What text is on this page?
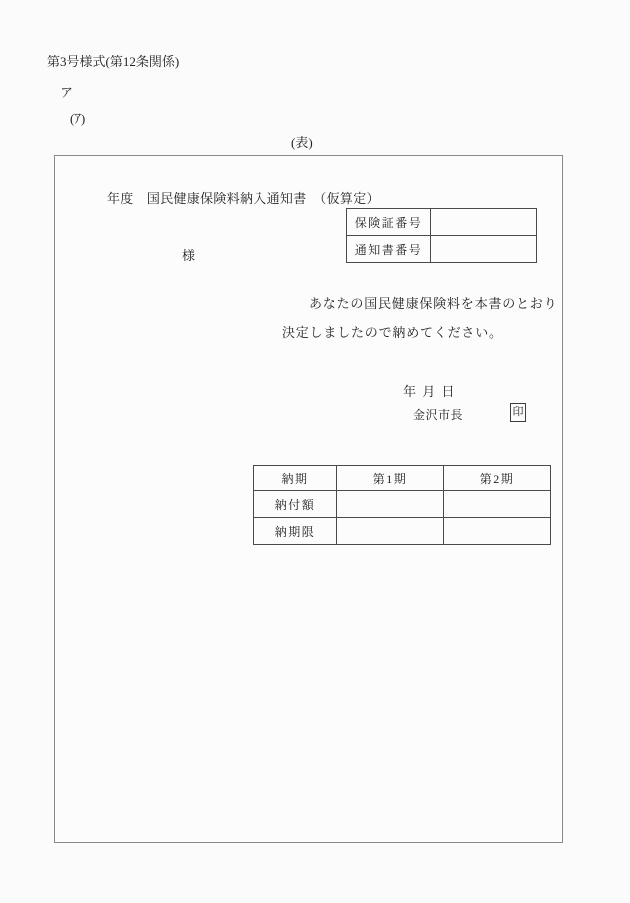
第3号様式(第12条関係)
ア
(ｱ)
(表)
年度　国民健康保険料納入通知書　（仮算定）
保険証番号	
通知書番号	
様
あなたの国民健康保険料を本書のとおり決定しましたので納めてください。
年 月 日
金沢市長	印
納期	第1期	第2期
納付額		
納期限		
